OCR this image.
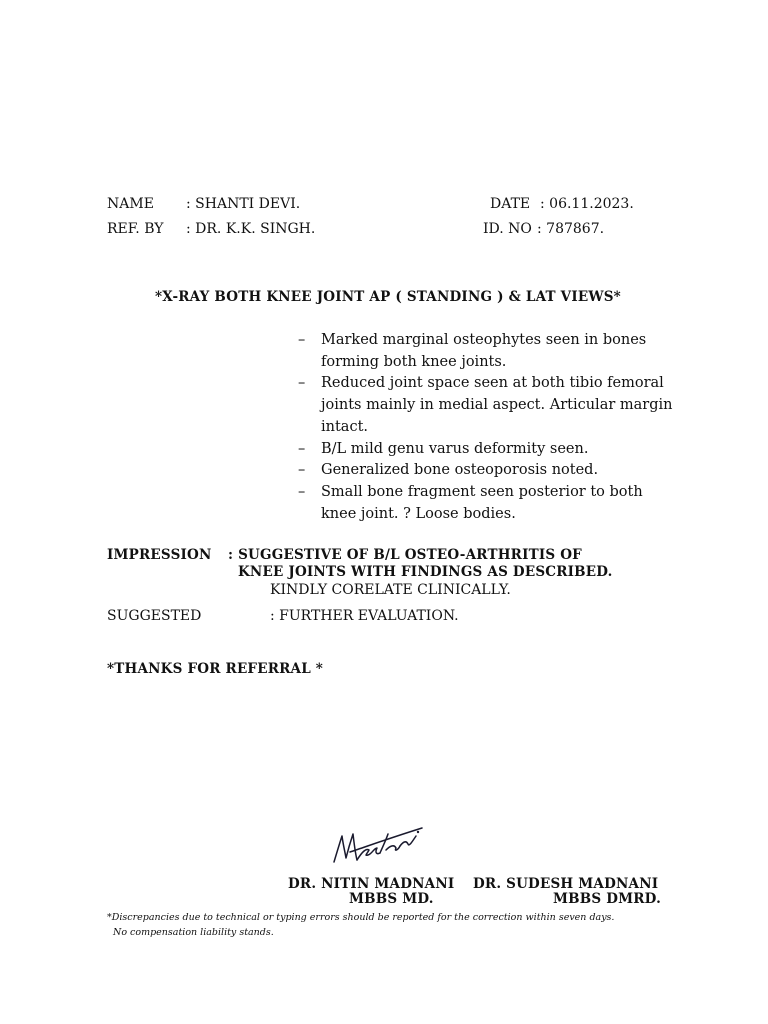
NAME : SHANTI DEVI.	DATE : 06.11.2023.
REF. BY : DR. K.K. SINGH.	ID. NO : 787867.
*X-RAY BOTH KNEE JOINT AP ( STANDING ) & LAT VIEWS*
– Marked marginal osteophytes seen in bones forming both knee joints.
– Reduced joint space seen at both tibio femoral joints mainly in medial aspect. Articular margin intact.
– B/L mild genu varus deformity seen.
– Generalized bone osteoporosis noted.
– Small bone fragment seen posterior to both knee joint. ? Loose bodies.
IMPRESSION : SUGGESTIVE OF B/L OSTEO-ARTHRITIS OF
KNEE JOINTS WITH FINDINGS AS DESCRIBED.
KINDLY CORELATE CLINICALLY.
SUGGESTED	: FURTHER EVALUATION.
*THANKS FOR REFERRAL *
DR. NITIN MADNANI
MBBS MD.
DR. SUDESH MADNANI
MBBS DMRD.
*Discrepancies due to technical or typing errors should be reported for the correction within seven days.
No compensation liability stands.
